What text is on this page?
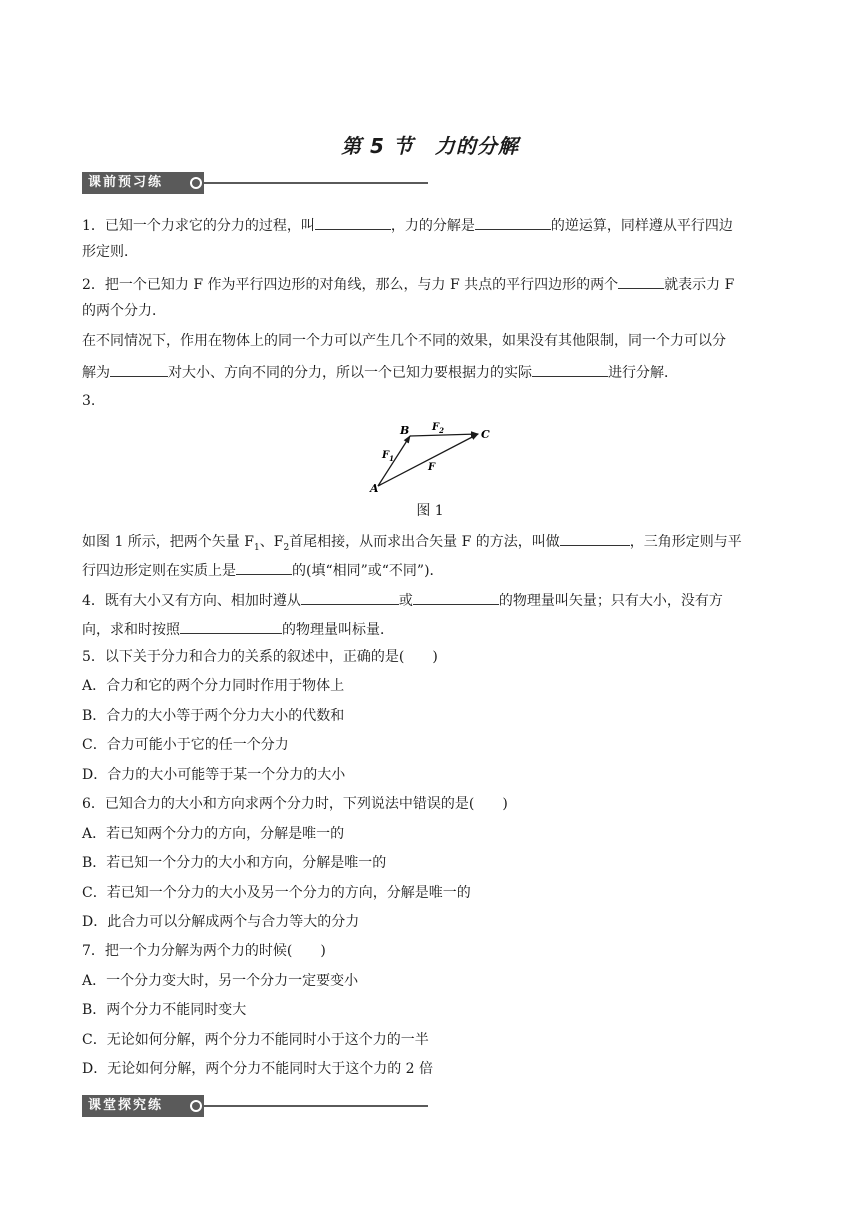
第 5 节　力的分解
课前预习练
1．已知一个力求它的分力的过程，叫	，力的分解是	的逆运算，同样遵从平行四边
形定则．
2．把一个已知力 F 作为平行四边形的对角线，那么，与力 F 共点的平行四边形的两个	就表示力 F
的两个分力．
在不同情况下，作用在物体上的同一个力可以产生几个不同的效果，如果没有其他限制，同一个力可以分
解为	对大小、方向不同的分力，所以一个已知力要根据力的实际	进行分解．
3.
A
B	C
$F_1$
$F_2$
F
图 1
如图 1 所示，把两个矢量 $F_1$、$F_2$首尾相接，从而求出合矢量 F 的方法，叫做	，三角形定则与平
行四边形定则在实质上是	的(填“相同”或“不同”)．
4．既有大小又有方向、相加时遵从	或	的物理量叫矢量；只有大小，没有方
向，求和时按照	的物理量叫标量．
5．以下关于分力和合力的关系的叙述中，正确的是(　　)
A．合力和它的两个分力同时作用于物体上
B．合力的大小等于两个分力大小的代数和
C．合力可能小于它的任一个分力
D．合力的大小可能等于某一个分力的大小
6．已知合力的大小和方向求两个分力时，下列说法中错误的是(　　)
A．若已知两个分力的方向，分解是唯一的
B．若已知一个分力的大小和方向，分解是唯一的
C．若已知一个分力的大小及另一个分力的方向，分解是唯一的
D．此合力可以分解成两个与合力等大的分力
7．把一个力分解为两个力的时候(　　)
A．一个分力变大时，另一个分力一定要变小
B．两个分力不能同时变大
C．无论如何分解，两个分力不能同时小于这个力的一半
D．无论如何分解，两个分力不能同时大于这个力的 2 倍
课堂探究练
